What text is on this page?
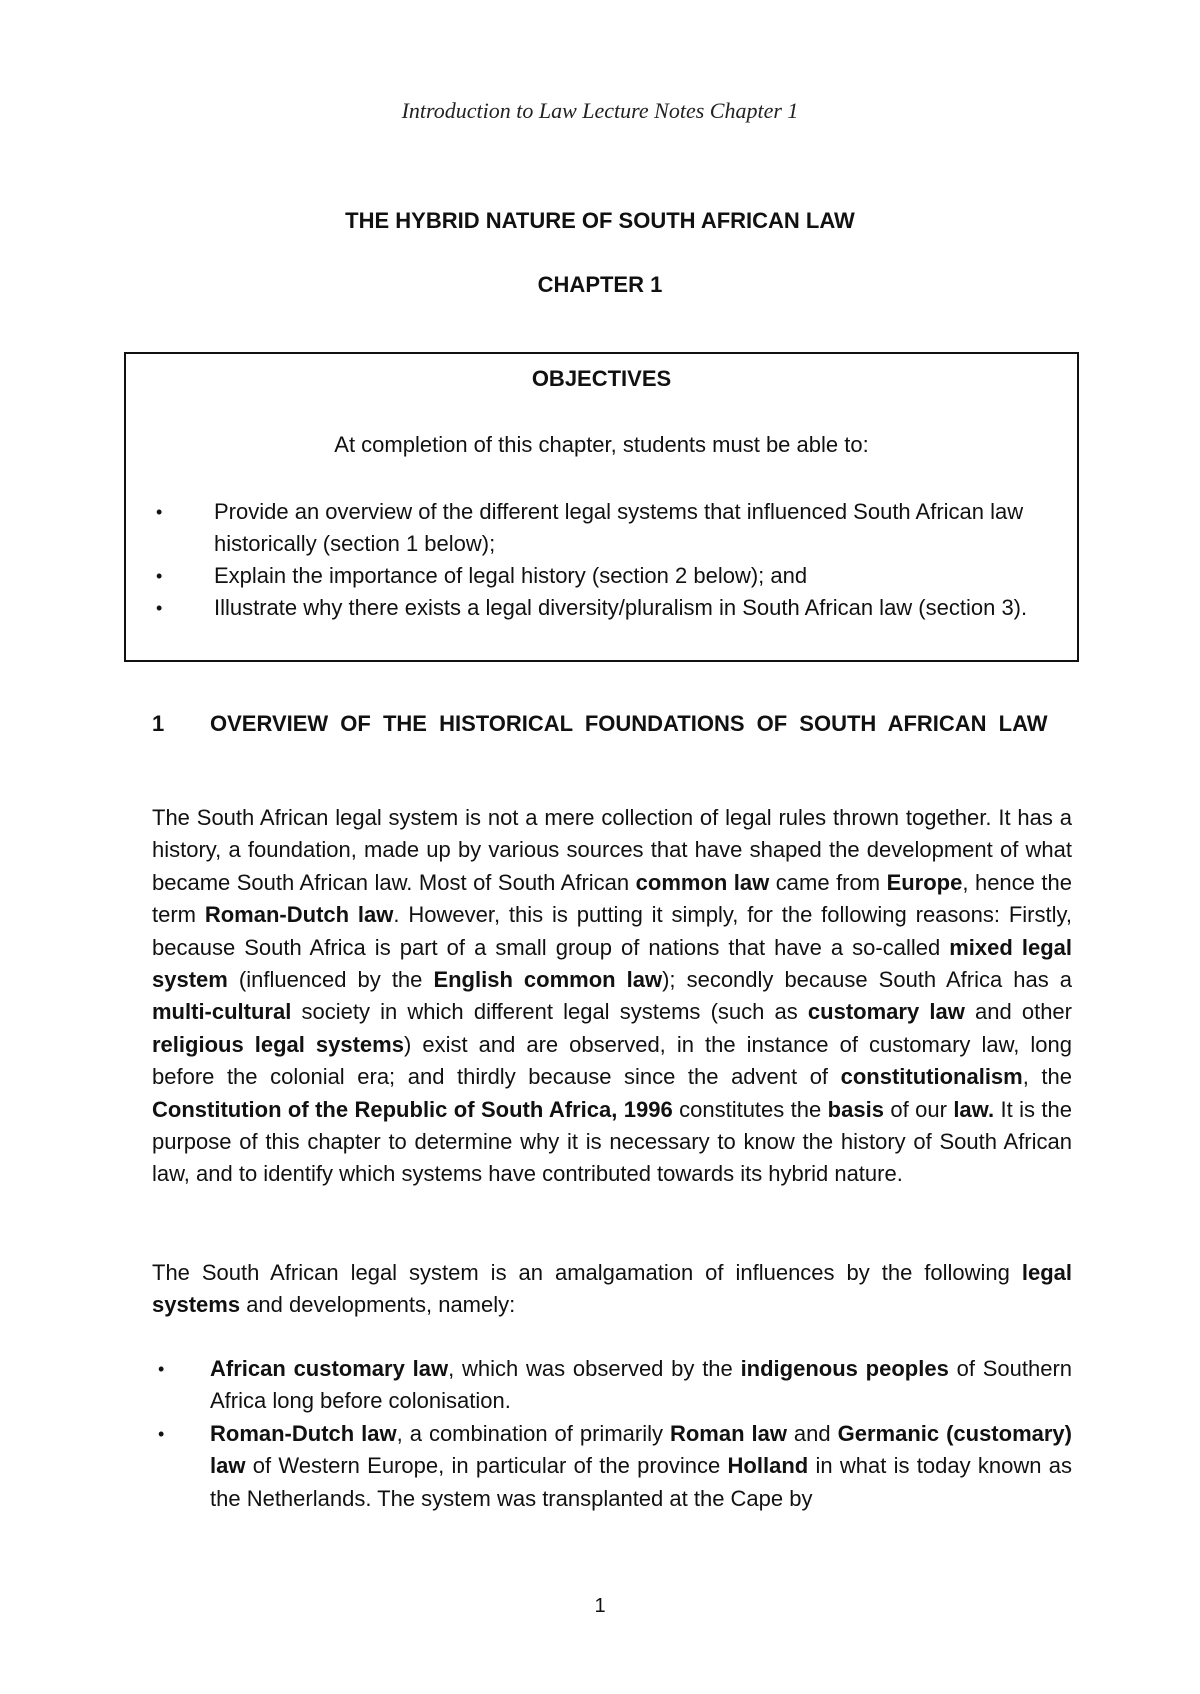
Introduction to Law Lecture Notes Chapter 1
THE HYBRID NATURE OF SOUTH AFRICAN LAW
CHAPTER 1
OBJECTIVES
At completion of this chapter, students must be able to:
• Provide an overview of the different legal systems that influenced South African law historically (section 1 below);
• Explain the importance of legal history (section 2 below); and
• Illustrate why there exists a legal diversity/pluralism in South African law (section 3).
1 OVERVIEW OF THE HISTORICAL FOUNDATIONS OF SOUTH AFRICAN LAW

The South African legal system is not a mere collection of legal rules thrown together. It has a history, a foundation, made up by various sources that have shaped the development of what became South African law. Most of South African common law came from Europe, hence the term Roman-Dutch law. However, this is putting it simply, for the following reasons: Firstly, because South Africa is part of a small group of nations that have a so-called mixed legal system (influenced by the English common law); secondly because South Africa has a multi-cultural society in which different legal systems (such as customary law and other religious legal systems) exist and are observed, in the instance of customary law, long before the colonial era; and thirdly because since the advent of constitutionalism, the Constitution of the Republic of South Africa, 1996 constitutes the basis of our law. It is the purpose of this chapter to determine why it is necessary to know the history of South African law, and to identify which systems have contributed towards its hybrid nature.

The South African legal system is an amalgamation of influences by the following legal systems and developments, namely:

• African customary law, which was observed by the indigenous peoples of Southern Africa long before colonisation.
• Roman-Dutch law, a combination of primarily Roman law and Germanic (customary) law of Western Europe, in particular of the province Holland in what is today known as the Netherlands. The system was transplanted at the Cape by
1
